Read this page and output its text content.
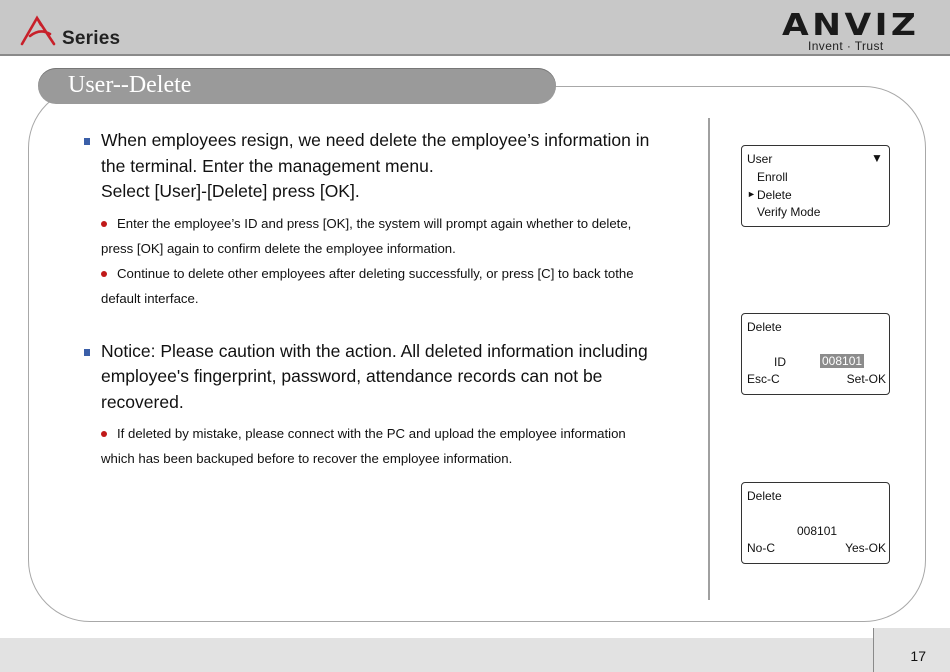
Series	ANVIZ
Invent · Trust
User--Delete
When employees resign, we need delete the employee’s information in
the terminal. Enter the management menu.
Select [User]-[Delete] press [OK].
Enter the employee’s ID and press [OK], the system will prompt again whether to delete,
press [OK] again to confirm delete the employee information.
Continue to delete other employees after deleting successfully, or press [C] to back tothe
default interface.
Notice: Please caution with the action. All deleted information including
employee's fingerprint, password, attendance records can not be
recovered.
If deleted by mistake, please connect with the PC and upload the employee information
which has been backuped before to recover the employee information.
User	▼
Enroll
► Delete
Verify Mode
Delete
ID	008101
Esc-C	Set-OK
Delete
008101
No-C	Yes-OK
17
